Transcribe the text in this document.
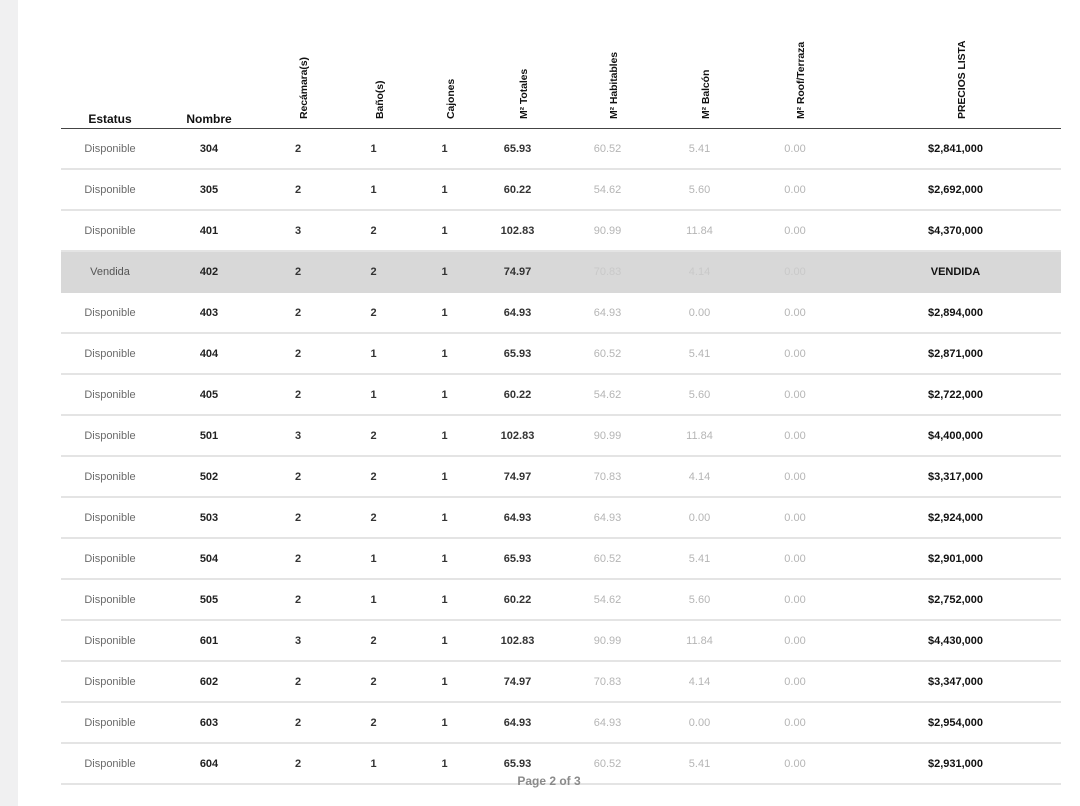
Estatus	Nombre	Recámara(s)	Baño(s)	Cajones	M² Totales	M² Habitables	M² Balcón	M² Roof/Terraza	PRECIOS LISTA

Disponible	304	2	1	1	65.93	60.52	5.41	0.00	$2,841,000
Disponible	305	2	1	1	60.22	54.62	5.60	0.00	$2,692,000
Disponible	401	3	2	1	102.83	90.99	11.84	0.00	$4,370,000
Vendida	402	2	2	1	74.97	70.83	4.14	0.00	VENDIDA
Disponible	403	2	2	1	64.93	64.93	0.00	0.00	$2,894,000
Disponible	404	2	1	1	65.93	60.52	5.41	0.00	$2,871,000
Disponible	405	2	1	1	60.22	54.62	5.60	0.00	$2,722,000
Disponible	501	3	2	1	102.83	90.99	11.84	0.00	$4,400,000
Disponible	502	2	2	1	74.97	70.83	4.14	0.00	$3,317,000
Disponible	503	2	2	1	64.93	64.93	0.00	0.00	$2,924,000
Disponible	504	2	1	1	65.93	60.52	5.41	0.00	$2,901,000
Disponible	505	2	1	1	60.22	54.62	5.60	0.00	$2,752,000
Disponible	601	3	2	1	102.83	90.99	11.84	0.00	$4,430,000
Disponible	602	2	2	1	74.97	70.83	4.14	0.00	$3,347,000
Disponible	603	2	2	1	64.93	64.93	0.00	0.00	$2,954,000
Disponible	604	2	1	1	65.93	60.52	5.41	0.00	$2,931,000
Page 2 of 3
